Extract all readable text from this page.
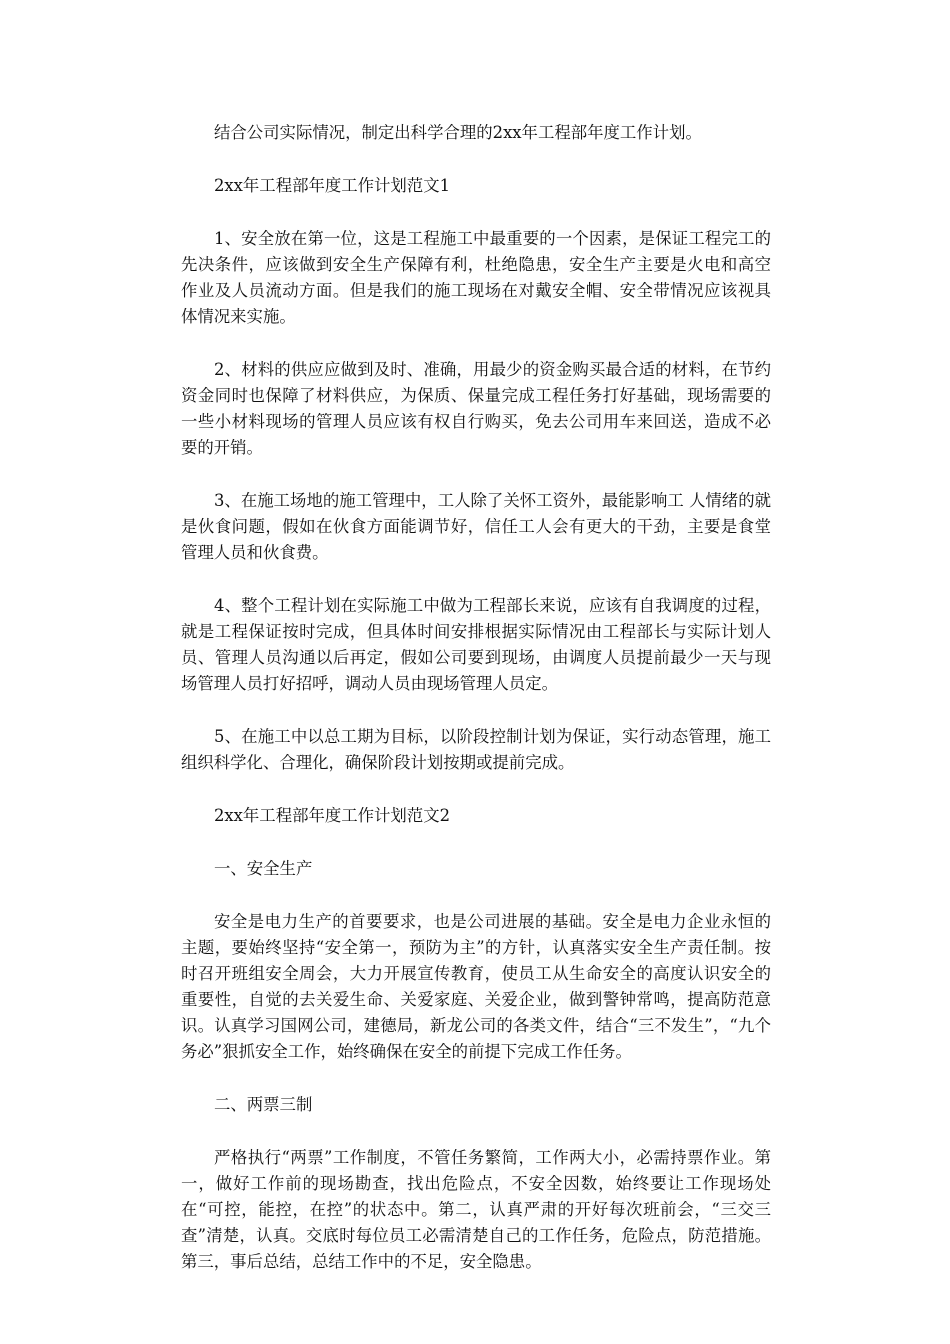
结合公司实际情况，制定出科学合理的2xx年工程部年度工作计划。

2xx年工程部年度工作计划范文1

1、安全放在第一位，这是工程施工中最重要的一个因素，是保证工程完工的先决条件，应该做到安全生产保障有利，杜绝隐患，安全生产主要是火电和高空作业及人员流动方面。但是我们的施工现场在对戴安全帽、安全带情况应该视具体情况来实施。

2、材料的供应应做到及时、准确，用最少的资金购买最合适的材料，在节约资金同时也保障了材料供应，为保质、保量完成工程任务打好基础，现场需要的一些小材料现场的管理人员应该有权自行购买，免去公司用车来回送，造成不必要的开销。

3、在施工场地的施工管理中，工人除了关怀工资外，最能影响工 人情绪的就是伙食问题，假如在伙食方面能调节好，信任工人会有更大的干劲，主要是食堂管理人员和伙食费。

4、整个工程计划在实际施工中做为工程部长来说，应该有自我调度的过程，就是工程保证按时完成，但具体时间安排根据实际情况由工程部长与实际计划人员、管理人员沟通以后再定，假如公司要到现场，由调度人员提前最少一天与现场管理人员打好招呼，调动人员由现场管理人员定。

5、在施工中以总工期为目标，以阶段控制计划为保证，实行动态管理，施工组织科学化、合理化，确保阶段计划按期或提前完成。

2xx年工程部年度工作计划范文2

一、安全生产

安全是电力生产的首要要求，也是公司进展的基础。安全是电力企业永恒的主题，要始终坚持“安全第一，预防为主”的方针，认真落实安全生产责任制。按时召开班组安全周会，大力开展宣传教育，使员工从生命安全的高度认识安全的重要性，自觉的去关爱生命、关爱家庭、关爱企业，做到警钟常鸣，提高防范意识。认真学习国网公司，建德局，新龙公司的各类文件，结合“三不发生”，“九个务必”狠抓安全工作，始终确保在安全的前提下完成工作任务。

二、两票三制

严格执行“两票”工作制度，不管任务繁简，工作两大小，必需持票作业。第一，做好工作前的现场勘查，找出危险点，不安全因数，始终要让工作现场处在“可控，能控，在控”的状态中。第二，认真严肃的开好每次班前会，“三交三查”清楚，认真。交底时每位员工必需清楚自己的工作任务，危险点，防范措施。第三，事后总结，总结工作中的不足，安全隐患。
